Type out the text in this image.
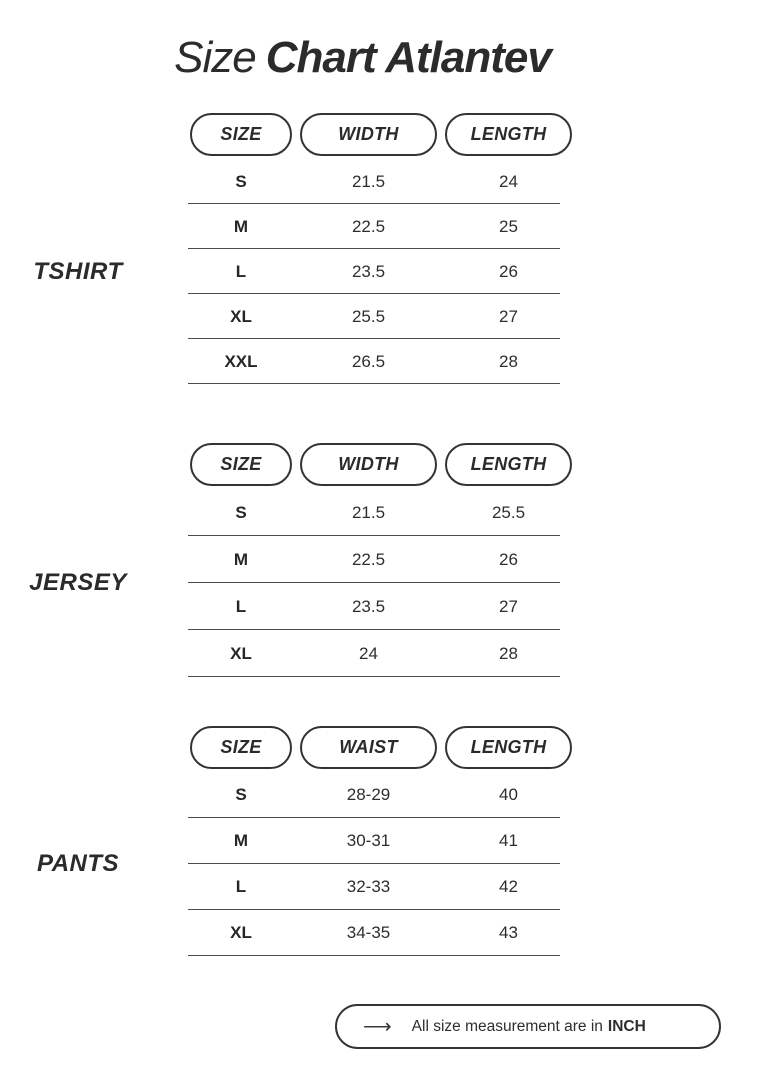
Size Chart Atlantev
TSHIRT
SIZE	WIDTH	LENGTH
S	21.5	24
M	22.5	25
L	23.5	26
XL	25.5	27
XXL	26.5	28
JERSEY
SIZE	WIDTH	LENGTH
S	21.5	25.5
M	22.5	26
L	23.5	27
XL	24	28
PANTS
SIZE	WAIST	LENGTH
S	28-29	40
M	30-31	41
L	32-33	42
XL	34-35	43
⟶ All size measurement are in INCH
